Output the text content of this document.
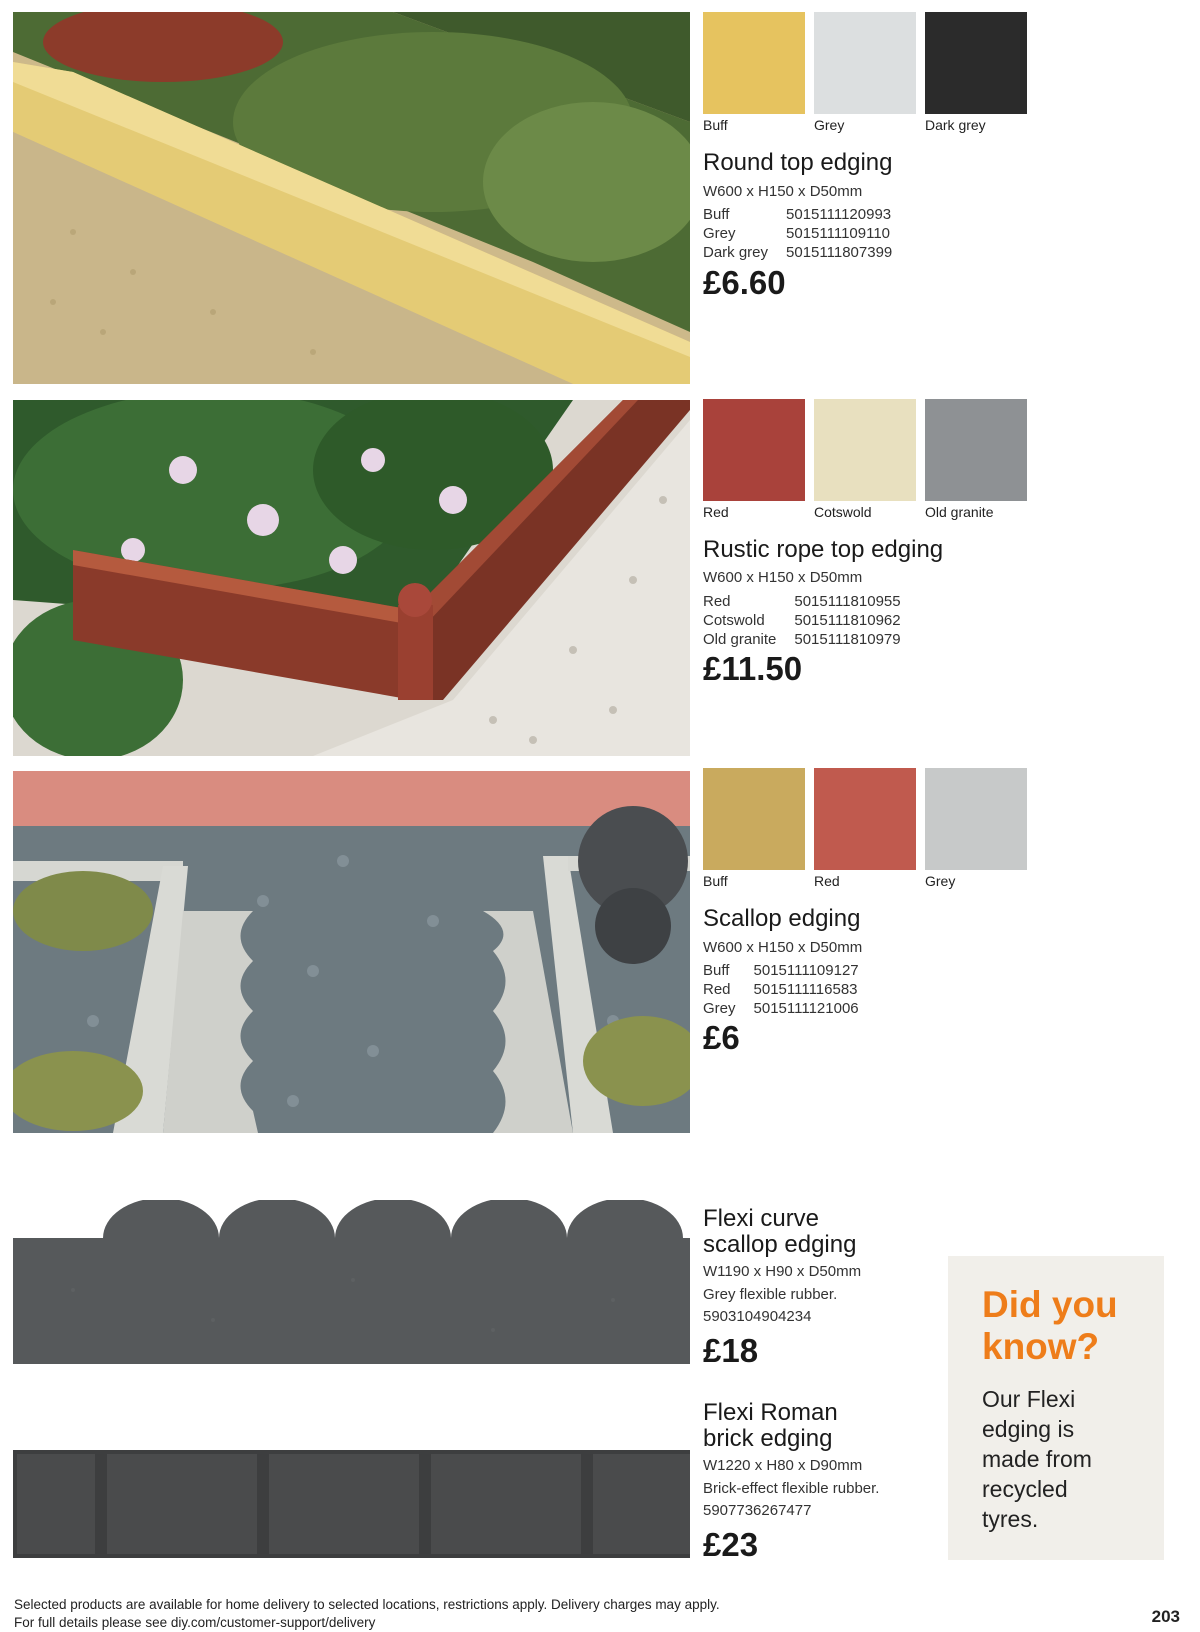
Buff	Grey	Dark grey
Round top edging
W600 x H150 x D50mm
Buff	5015111120993
Grey	5015111109110
Dark grey	5015111807399
£6.60
Red	Cotswold	Old granite
Rustic rope top edging
W600 x H150 x D50mm
Red	5015111810955
Cotswold	5015111810962
Old granite	5015111810979
£11.50
Buff	Red	Grey
Scallop edging
W600 x H150 x D50mm
Buff	5015111109127
Red	5015111116583
Grey	5015111121006
£6
Flexi curve
scallop edging
W1190 x H90 x D50mm
Grey flexible rubber.
5903104904234
£18
Flexi Roman
brick edging
W1220 x H80 x D90mm
Brick-effect flexible rubber.
5907736267477
£23
Did you
know?
Our Flexi
edging is
made from
recycled
tyres.
Selected products are available for home delivery to selected locations, restrictions apply. Delivery charges may apply.
For full details please see diy.com/customer-support/delivery	203
